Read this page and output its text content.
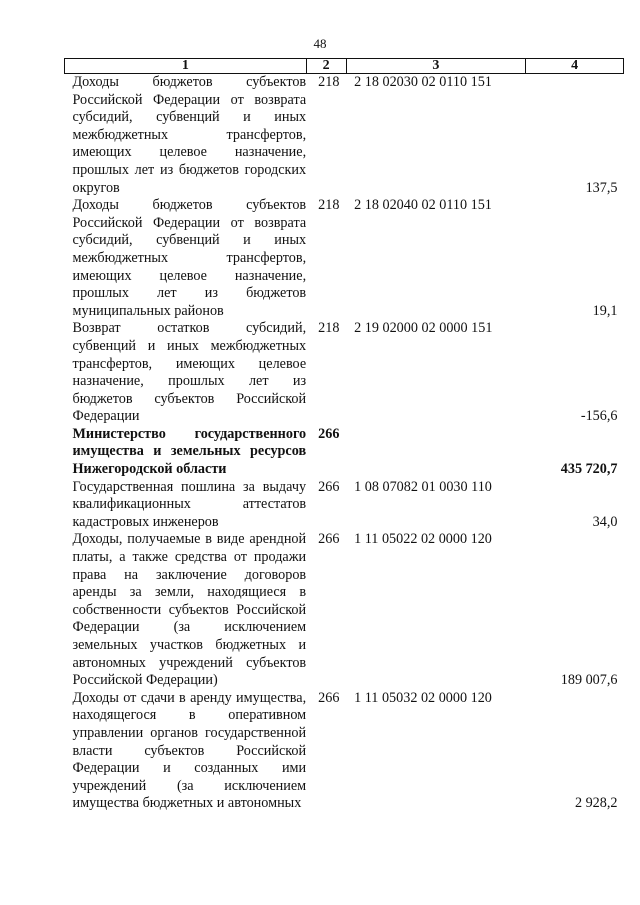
48
1	2	3	4
Доходы бюджетов субъектов Российской Федерации от возврата субсидий, субвенций и иных межбюджетных трансфертов, имеющих целевое назначение, прошлых лет из бюджетов городских округов	218	2 18 02030 02 0110 151	137,5
Доходы бюджетов субъектов Российской Федерации от возврата субсидий, субвенций и иных межбюджетных трансфертов, имеющих целевое назначение, прошлых лет из бюджетов муниципальных районов	218	2 18 02040 02 0110 151	19,1
Возврат остатков субсидий, субвенций и иных межбюджетных трансфертов, имеющих целевое назначение, прошлых лет из бюджетов субъектов Российской Федерации	218	2 19 02000 02 0000 151	-156,6
Министерство государственного имущества и земельных ресурсов Нижегородской области	266		435 720,7
Государственная пошлина за выдачу квалификационных аттестатов кадастровых инженеров	266	1 08 07082 01 0030 110	34,0
Доходы, получаемые в виде арендной платы, а также средства от продажи права на заключение договоров аренды за земли, находящиеся в собственности субъектов Российской Федерации (за исключением земельных участков бюджетных и автономных учреждений субъектов Российской Федерации)	266	1 11 05022 02 0000 120	189 007,6
Доходы от сдачи в аренду имущества, находящегося в оперативном управлении органов государственной власти субъектов Российской Федерации и созданных ими учреждений (за исключением имущества бюджетных и автономных	266	1 11 05032 02 0000 120	2 928,2
